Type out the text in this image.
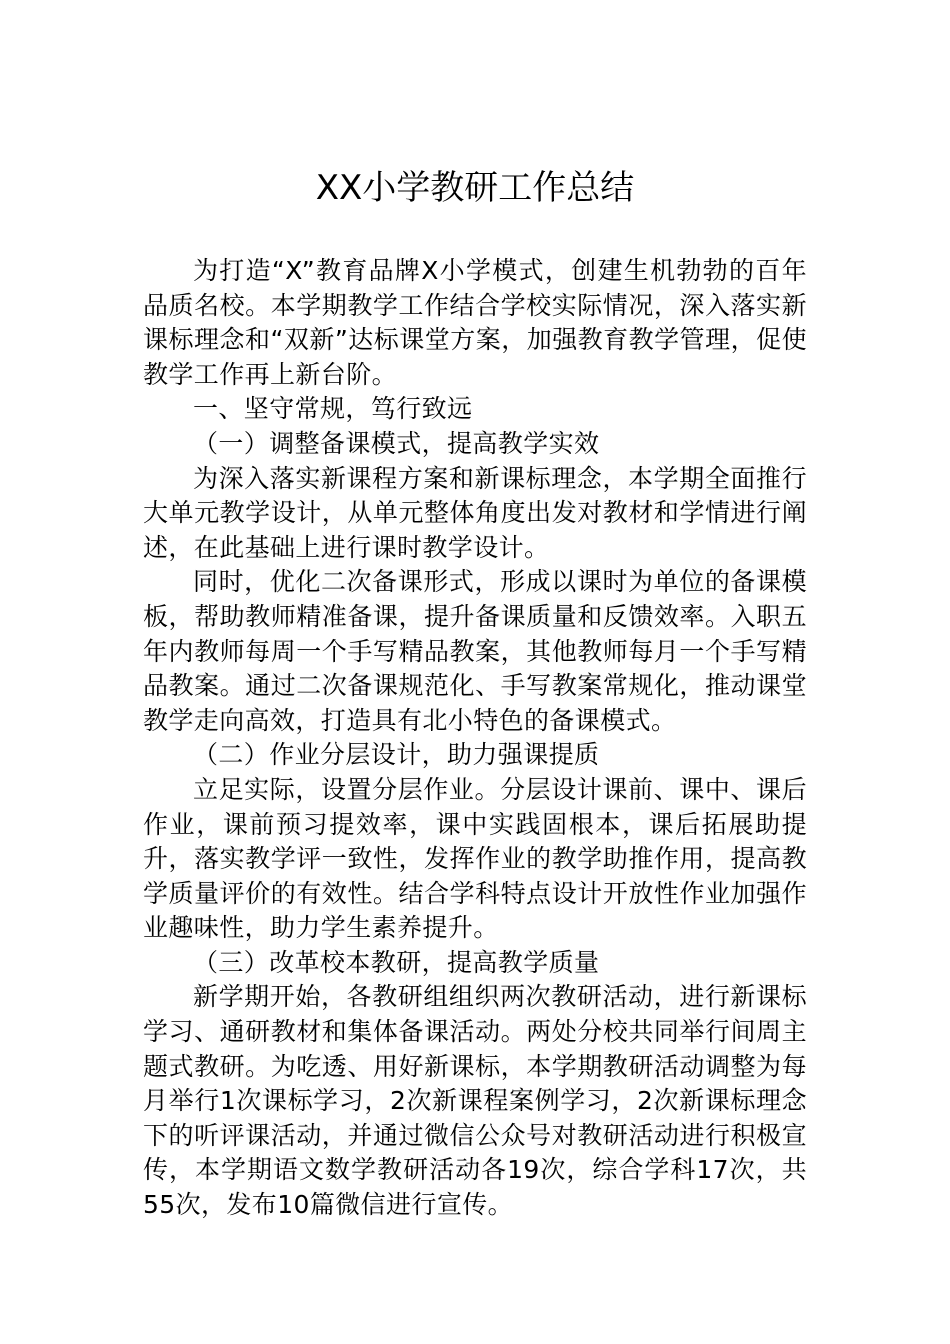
XX小学教研工作总结

为打造“X”教育品牌X小学模式，创建生机勃勃的百年品质名校。本学期教学工作结合学校实际情况，深入落实新课标理念和“双新”达标课堂方案，加强教育教学管理，促使教学工作再上新台阶。

一、坚守常规，笃行致远

（一）调整备课模式，提高教学实效

为深入落实新课程方案和新课标理念，本学期全面推行大单元教学设计，从单元整体角度出发对教材和学情进行阐述，在此基础上进行课时教学设计。

同时，优化二次备课形式，形成以课时为单位的备课模板，帮助教师精准备课，提升备课质量和反馈效率。入职五年内教师每周一个手写精品教案，其他教师每月一个手写精品教案。通过二次备课规范化、手写教案常规化，推动课堂教学走向高效，打造具有北小特色的备课模式。

（二）作业分层设计，助力强课提质

立足实际，设置分层作业。分层设计课前、课中、课后作业，课前预习提效率，课中实践固根本，课后拓展助提升，落实教学评一致性，发挥作业的教学助推作用，提高教学质量评价的有效性。结合学科特点设计开放性作业加强作业趣味性，助力学生素养提升。

（三）改革校本教研，提高教学质量

新学期开始，各教研组组织两次教研活动，进行新课标学习、通研教材和集体备课活动。两处分校共同举行间周主题式教研。为吃透、用好新课标，本学期教研活动调整为每月举行1次课标学习，2次新课程案例学习，2次新课标理念下的听评课活动，并通过微信公众号对教研活动进行积极宣传，本学期语文数学教研活动各19次，综合学科17次，共55次，发布10篇微信进行宣传。
